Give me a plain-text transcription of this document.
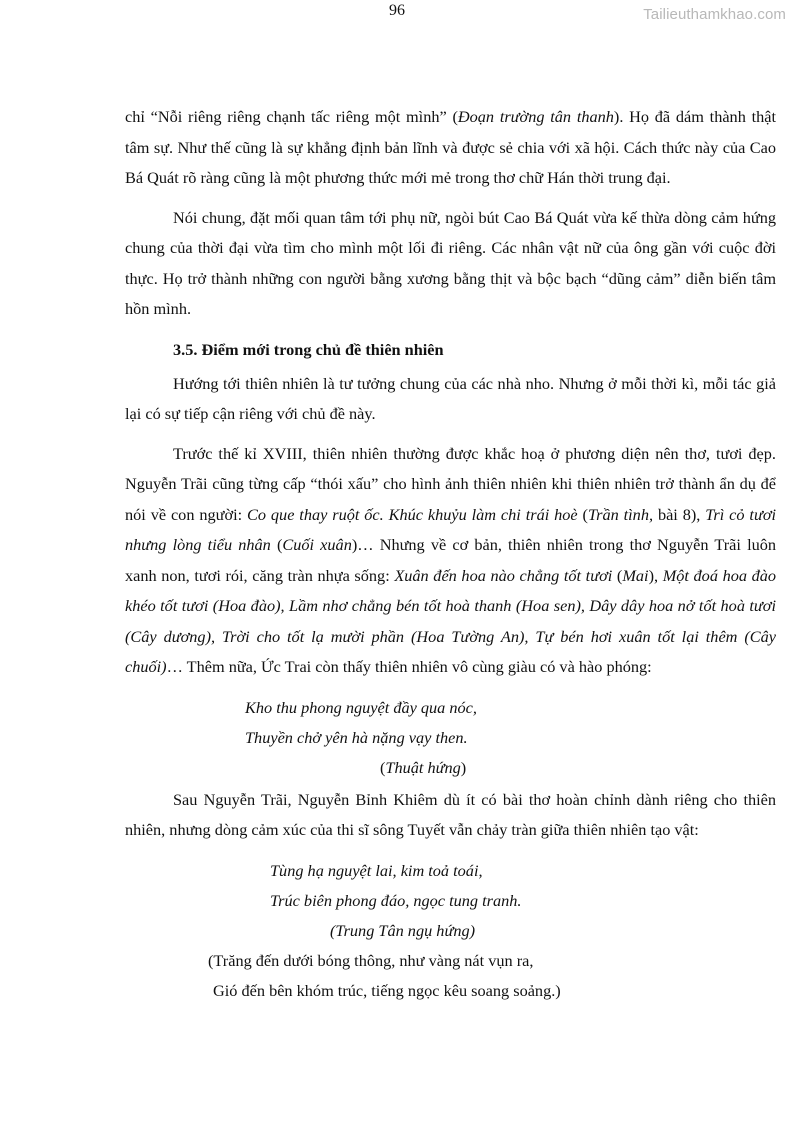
96	Tailieuthamkhao.com

chỉ “Nỗi riêng riêng chạnh tấc riêng một mình” (Đoạn trường tân thanh). Họ đã dám thành thật tâm sự. Như thế cũng là sự khẳng định bản lĩnh và được sẻ chia với xã hội. Cách thức này của Cao Bá Quát rõ ràng cũng là một phương thức mới mẻ trong thơ chữ Hán thời trung đại.

Nói chung, đặt mối quan tâm tới phụ nữ, ngòi bút Cao Bá Quát vừa kế thừa dòng cảm hứng chung của thời đại vừa tìm cho mình một lối đi riêng. Các nhân vật nữ của ông gần với cuộc đời thực. Họ trở thành những con người bằng xương bằng thịt và bộc bạch “dũng cảm” diễn biến tâm hồn mình.

3.5. Điểm mới trong chủ đề thiên nhiên

Hướng tới thiên nhiên là tư tưởng chung của các nhà nho. Nhưng ở mỗi thời kì, mỗi tác giả lại có sự tiếp cận riêng với chủ đề này.

Trước thế kỉ XVIII, thiên nhiên thường được khắc hoạ ở phương diện nên thơ, tươi đẹp. Nguyễn Trãi cũng từng cấp “thói xấu” cho hình ảnh thiên nhiên khi thiên nhiên trở thành ẩn dụ để nói về con người: Co que thay ruột ốc. Khúc khuỷu làm chi trái hoè (Trần tình, bài 8), Trì cỏ tươi nhưng lòng tiểu nhân (Cuối xuân)… Nhưng về cơ bản, thiên nhiên trong thơ Nguyễn Trãi luôn xanh non, tươi rói, căng tràn nhựa sống: Xuân đến hoa nào chẳng tốt tươi (Mai), Một đoá hoa đào khéo tốt tươi (Hoa đào), Lầm nhơ chẳng bén tốt hoà thanh (Hoa sen), Dây dây hoa nở tốt hoà tươi (Cây dương), Trời cho tốt lạ mười phần (Hoa Tường An), Tự bén hơi xuân tốt lại thêm (Cây chuối)… Thêm nữa, Ức Trai còn thấy thiên nhiên vô cùng giàu có và hào phóng:

Kho thu phong nguyệt đầy qua nóc,
Thuyền chở yên hà nặng vạy then.
(Thuật hứng)

Sau Nguyễn Trãi, Nguyễn Bỉnh Khiêm dù ít có bài thơ hoàn chỉnh dành riêng cho thiên nhiên, nhưng dòng cảm xúc của thi sĩ sông Tuyết vẫn chảy tràn giữa thiên nhiên tạo vật:

Tùng hạ nguyệt lai, kim toả toái,
Trúc biên phong đáo, ngọc tung tranh.
(Trung Tân ngụ hứng)
(Trăng đến dưới bóng thông, như vàng nát vụn ra,
Gió đến bên khóm trúc, tiếng ngọc kêu soang soảng.)
